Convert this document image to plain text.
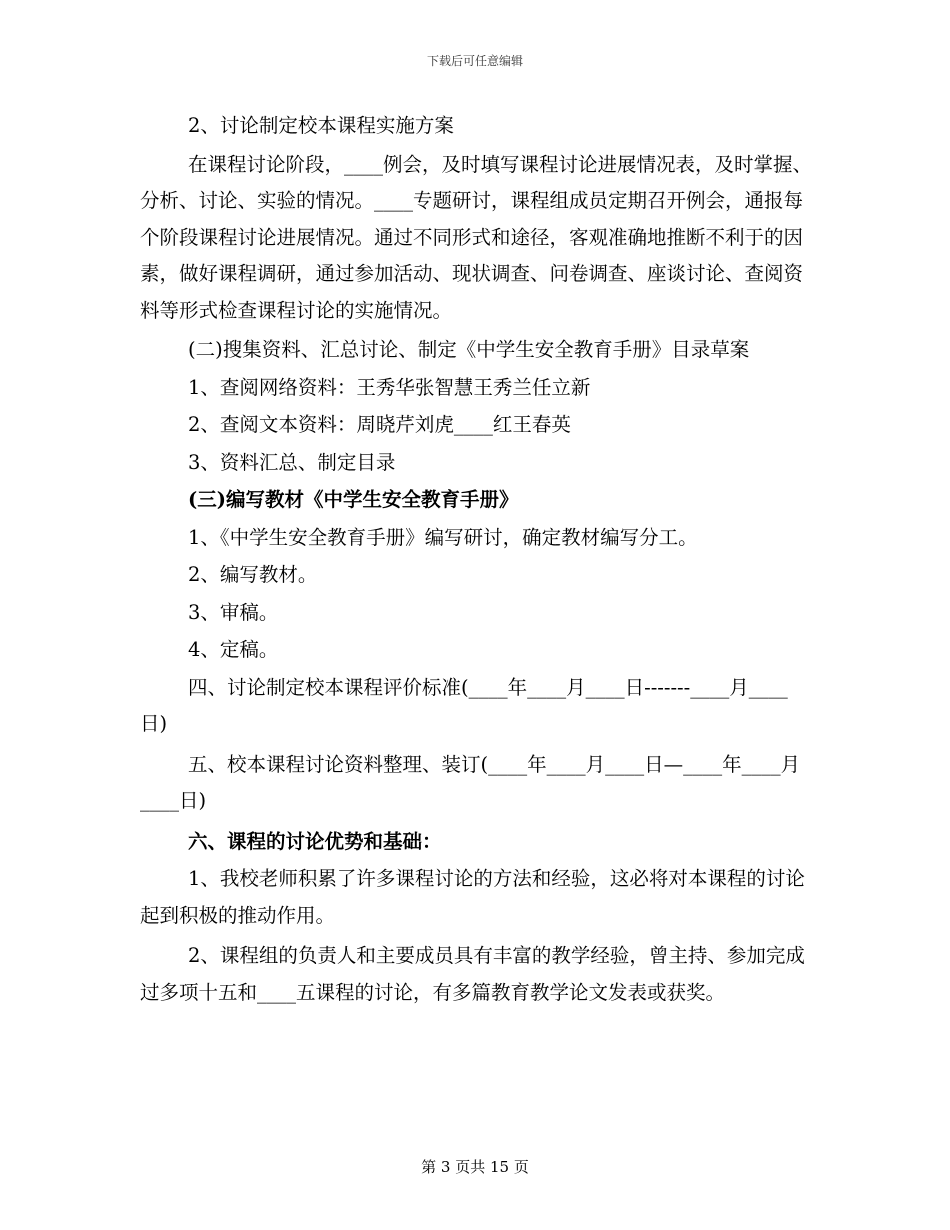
下载后可任意编辑

2、讨论制定校本课程实施方案

在课程讨论阶段，____例会，及时填写课程讨论进展情况表，及时掌握、分析、讨论、实验的情况。____专题研讨，课程组成员定期召开例会，通报每个阶段课程讨论进展情况。通过不同形式和途径，客观准确地推断不利于的因素，做好课程调研，通过参加活动、现状调查、问卷调查、座谈讨论、查阅资料等形式检查课程讨论的实施情况。

(二)搜集资料、汇总讨论、制定《中学生安全教育手册》目录草案

1、查阅网络资料：王秀华张智慧王秀兰任立新

2、查阅文本资料：周晓芹刘虎____红王春英

3、资料汇总、制定目录

(三)编写教材《中学生安全教育手册》

1、《中学生安全教育手册》编写研讨，确定教材编写分工。

2、编写教材。

3、审稿。

4、定稿。

四、讨论制定校本课程评价标准(____年____月____日-------____月____日)

五、校本课程讨论资料整理、装订(____年____月____日—____年____月____日)

六、课程的讨论优势和基础：

1、我校老师积累了许多课程讨论的方法和经验，这必将对本课程的讨论起到积极的推动作用。

2、课程组的负责人和主要成员具有丰富的教学经验，曾主持、参加完成过多项十五和____五课程的讨论，有多篇教育教学论文发表或获奖。

第 3 页共 15 页
